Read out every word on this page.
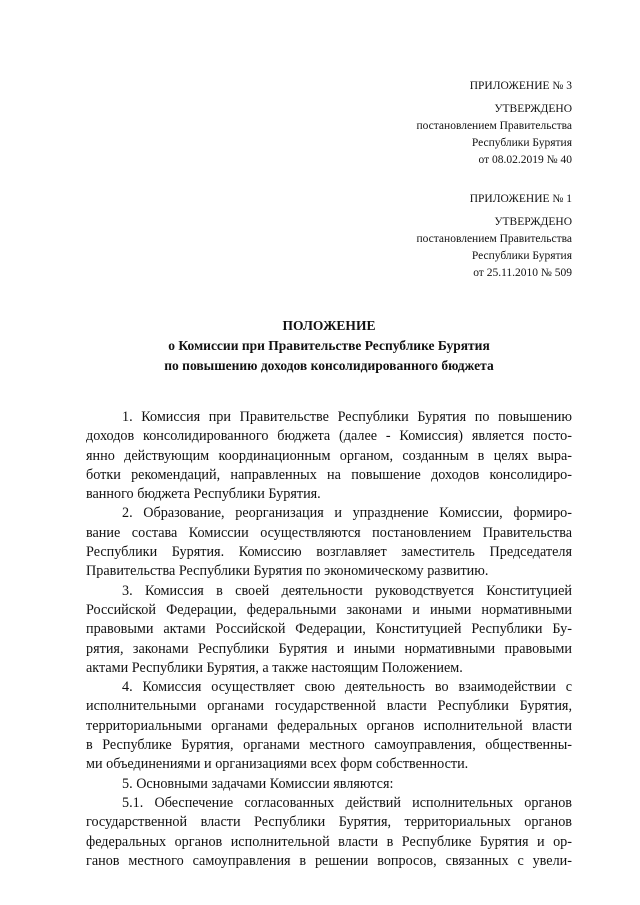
ПРИЛОЖЕНИЕ № 3
УТВЕРЖДЕНО
постановлением Правительства
Республики Бурятия
от 08.02.2019 № 40
ПРИЛОЖЕНИЕ № 1
УТВЕРЖДЕНО
постановлением Правительства
Республики Бурятия
от 25.11.2010 № 509
ПОЛОЖЕНИЕ
о Комиссии при Правительстве Республике Бурятия
по повышению доходов консолидированного бюджета
1. Комиссия при Правительстве Республики Бурятия по повышению
доходов консолидированного бюджета (далее - Комиссия) является посто-
янно действующим координационным органом, созданным в целях выра-
ботки рекомендаций, направленных на повышение доходов консолидиро-
ванного бюджета Республики Бурятия.
2. Образование, реорганизация и упразднение Комиссии, формиро-
вание состава Комиссии осуществляются постановлением Правительства
Республики Бурятия. Комиссию возглавляет заместитель Председателя
Правительства Республики Бурятия по экономическому развитию.
3. Комиссия в своей деятельности руководствуется Конституцией
Российской Федерации, федеральными законами и иными нормативными
правовыми актами Российской Федерации, Конституцией Республики Бу-
рятия, законами Республики Бурятия и иными нормативными правовыми
актами Республики Бурятия, а также настоящим Положением.
4. Комиссия осуществляет свою деятельность во взаимодействии с
исполнительными органами государственной власти Республики Бурятия,
территориальными органами федеральных органов исполнительной власти
в Республике Бурятия, органами местного самоуправления, общественны-
ми объединениями и организациями всех форм собственности.
5. Основными задачами Комиссии являются:
5.1. Обеспечение согласованных действий исполнительных органов
государственной власти Республики Бурятия, территориальных органов
федеральных органов исполнительной власти в Республике Бурятия и ор-
ганов местного самоуправления в решении вопросов, связанных с увели-
